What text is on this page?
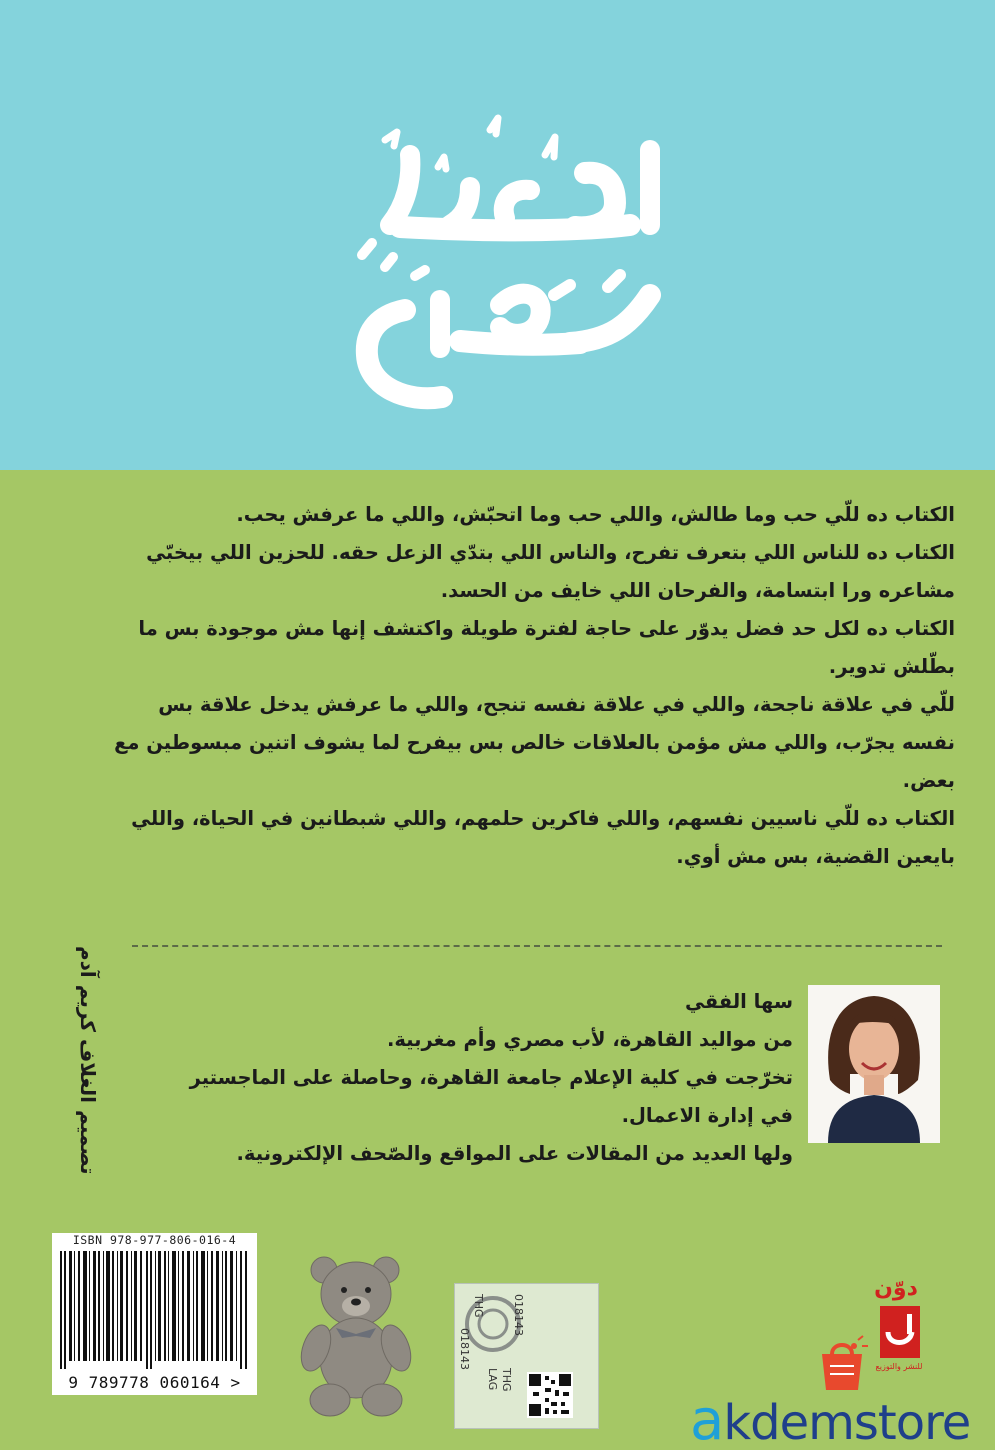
الكتاب ده للّي حب وما طالش، واللي حب وما اتحبّش، واللي ما عرفش يحب.

الكتاب ده للناس اللي بتعرف تفرح، والناس اللي بتدّي الزعل حقه. للحزين اللي بيخبّي مشاعره ورا ابتسامة، والفرحان اللي خايف من الحسد.

الكتاب ده لكل حد فضل يدوّر على حاجة لفترة طويلة واكتشف إنها مش موجودة بس ما بطّلش تدوير.

للّي في علاقة ناجحة، واللي في علاقة نفسه تنجح، واللي ما عرفش يدخل علاقة بس نفسه يجرّب، واللي مش مؤمن بالعلاقات خالص بس بيفرح لما يشوف اتنين مبسوطين مع بعض.

الكتاب ده للّي ناسيين نفسهم، واللي فاكرين حلمهم، واللي شبطانين في الحياة، واللي بايعين القضية، بس مش أوي.

تصميم الغلاف كريم آدم	سها الفقي

من مواليد القاهرة، لأب مصري وأم مغربية.

تخرّجت في كلية الإعلام جامعة القاهرة، وحاصلة على الماجستير في إدارة الاعمال.

ولها العديد من المقالات على المواقع والصّحف الإلكترونية.

ISBN 978-977-806-016-4
9 789778 060164 >	THG
LAG
018143
THG
018143
دوّن
للنشر والتوزيع
akdemstore
